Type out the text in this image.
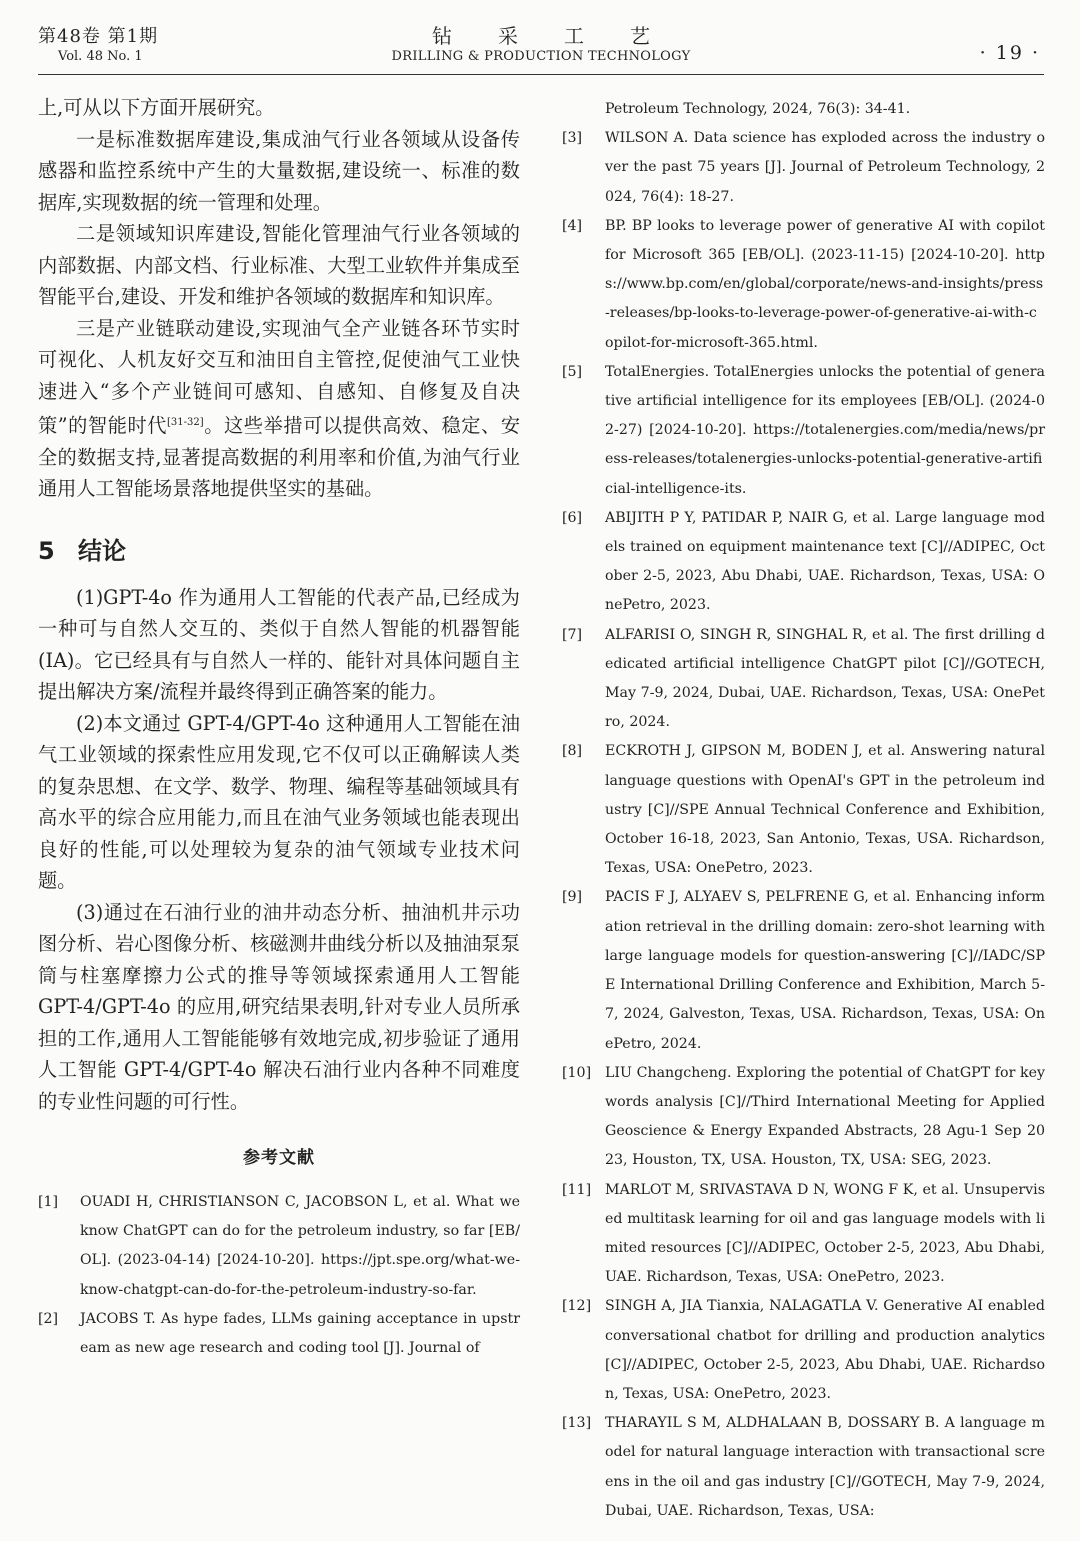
第48卷 第1期
Vol. 48 No. 1
钻采工艺
DRILLING & PRODUCTION TECHNOLOGY	· 19 ·

上,可从以下方面开展研究。

一是标准数据库建设,集成油气行业各领域从设备传感器和监控系统中产生的大量数据,建设统一、标准的数据库,实现数据的统一管理和处理。

二是领域知识库建设,智能化管理油气行业各领域的内部数据、内部文档、行业标准、大型工业软件并集成至智能平台,建设、开发和维护各领域的数据库和知识库。

三是产业链联动建设,实现油气全产业链各环节实时可视化、人机友好交互和油田自主管控,促使油气工业快速进入“多个产业链间可感知、自感知、自修复及自决策”的智能时代[31-32]。这些举措可以提供高效、稳定、安全的数据支持,显著提高数据的利用率和价值,为油气行业通用人工智能场景落地提供坚实的基础。

5 结论

(1)GPT-4o 作为通用人工智能的代表产品,已经成为一种可与自然人交互的、类似于自然人智能的机器智能(IA)。它已经具有与自然人一样的、能针对具体问题自主提出解决方案/流程并最终得到正确答案的能力。

(2)本文通过 GPT-4/GPT-4o 这种通用人工智能在油气工业领域的探索性应用发现,它不仅可以正确解读人类的复杂思想、在文学、数学、物理、编程等基础领域具有高水平的综合应用能力,而且在油气业务领域也能表现出良好的性能,可以处理较为复杂的油气领域专业技术问题。

(3)通过在石油行业的油井动态分析、抽油机井示功图分析、岩心图像分析、核磁测井曲线分析以及抽油泵泵筒与柱塞摩擦力公式的推导等领域探索通用人工智能 GPT-4/GPT-4o 的应用,研究结果表明,针对专业人员所承担的工作,通用人工智能能够有效地完成,初步验证了通用人工智能 GPT-4/GPT-4o 解决石油行业内各种不同难度的专业性问题的可行性。

参考文献
[1]	OUADI H, CHRISTIANSON C, JACOBSON L, et al. What we know ChatGPT can do for the petroleum industry, so far [EB/OL]. (2023-04-14) [2024-10-20]. https://jpt.spe.org/what-we-know-chatgpt-can-do-for-the-petroleum-industry-so-far.
[2]	JACOBS T. As hype fades, LLMs gaining acceptance in upstream as new age research and coding tool [J]. Journal of
Petroleum Technology, 2024, 76(3): 34-41.
[3]	WILSON A. Data science has exploded across the industry over the past 75 years [J]. Journal of Petroleum Technology, 2024, 76(4): 18-27.
[4]	BP. BP looks to leverage power of generative AI with copilot for Microsoft 365 [EB/OL]. (2023-11-15) [2024-10-20]. https://www.bp.com/en/global/corporate/news-and-insights/press-releases/bp-looks-to-leverage-power-of-generative-ai-with-copilot-for-microsoft-365.html.
[5]	TotalEnergies. TotalEnergies unlocks the potential of generative artificial intelligence for its employees [EB/OL]. (2024-02-27) [2024-10-20]. https://totalenergies.com/media/news/press-releases/totalenergies-unlocks-potential-generative-artificial-intelligence-its.
[6]	ABIJITH P Y, PATIDAR P, NAIR G, et al. Large language models trained on equipment maintenance text [C]//ADIPEC, October 2-5, 2023, Abu Dhabi, UAE. Richardson, Texas, USA: OnePetro, 2023.
[7]	ALFARISI O, SINGH R, SINGHAL R, et al. The first drilling dedicated artificial intelligence ChatGPT pilot [C]//GOTECH, May 7-9, 2024, Dubai, UAE. Richardson, Texas, USA: OnePetro, 2024.
[8]	ECKROTH J, GIPSON M, BODEN J, et al. Answering natural language questions with OpenAI's GPT in the petroleum industry [C]//SPE Annual Technical Conference and Exhibition, October 16-18, 2023, San Antonio, Texas, USA. Richardson, Texas, USA: OnePetro, 2023.
[9]	PACIS F J, ALYAEV S, PELFRENE G, et al. Enhancing information retrieval in the drilling domain: zero-shot learning with large language models for question-answering [C]//IADC/SPE International Drilling Conference and Exhibition, March 5-7, 2024, Galveston, Texas, USA. Richardson, Texas, USA: OnePetro, 2024.
[10] LIU Changcheng. Exploring the potential of ChatGPT for keywords analysis [C]//Third International Meeting for Applied Geoscience & Energy Expanded Abstracts, 28 Agu-1 Sep 2023, Houston, TX, USA. Houston, TX, USA: SEG, 2023.
[11] MARLOT M, SRIVASTAVA D N, WONG F K, et al. Unsupervised multitask learning for oil and gas language models with limited resources [C]//ADIPEC, October 2-5, 2023, Abu Dhabi, UAE. Richardson, Texas, USA: OnePetro, 2023.
[12] SINGH A, JIA Tianxia, NALAGATLA V. Generative AI enabled conversational chatbot for drilling and production analytics [C]//ADIPEC, October 2-5, 2023, Abu Dhabi, UAE. Richardson, Texas, USA: OnePetro, 2023.
[13] THARAYIL S M, ALDHALAAN B, DOSSARY B. A language model for natural language interaction with transactional screens in the oil and gas industry [C]//GOTECH, May 7-9, 2024, Dubai, UAE. Richardson, Texas, USA:
